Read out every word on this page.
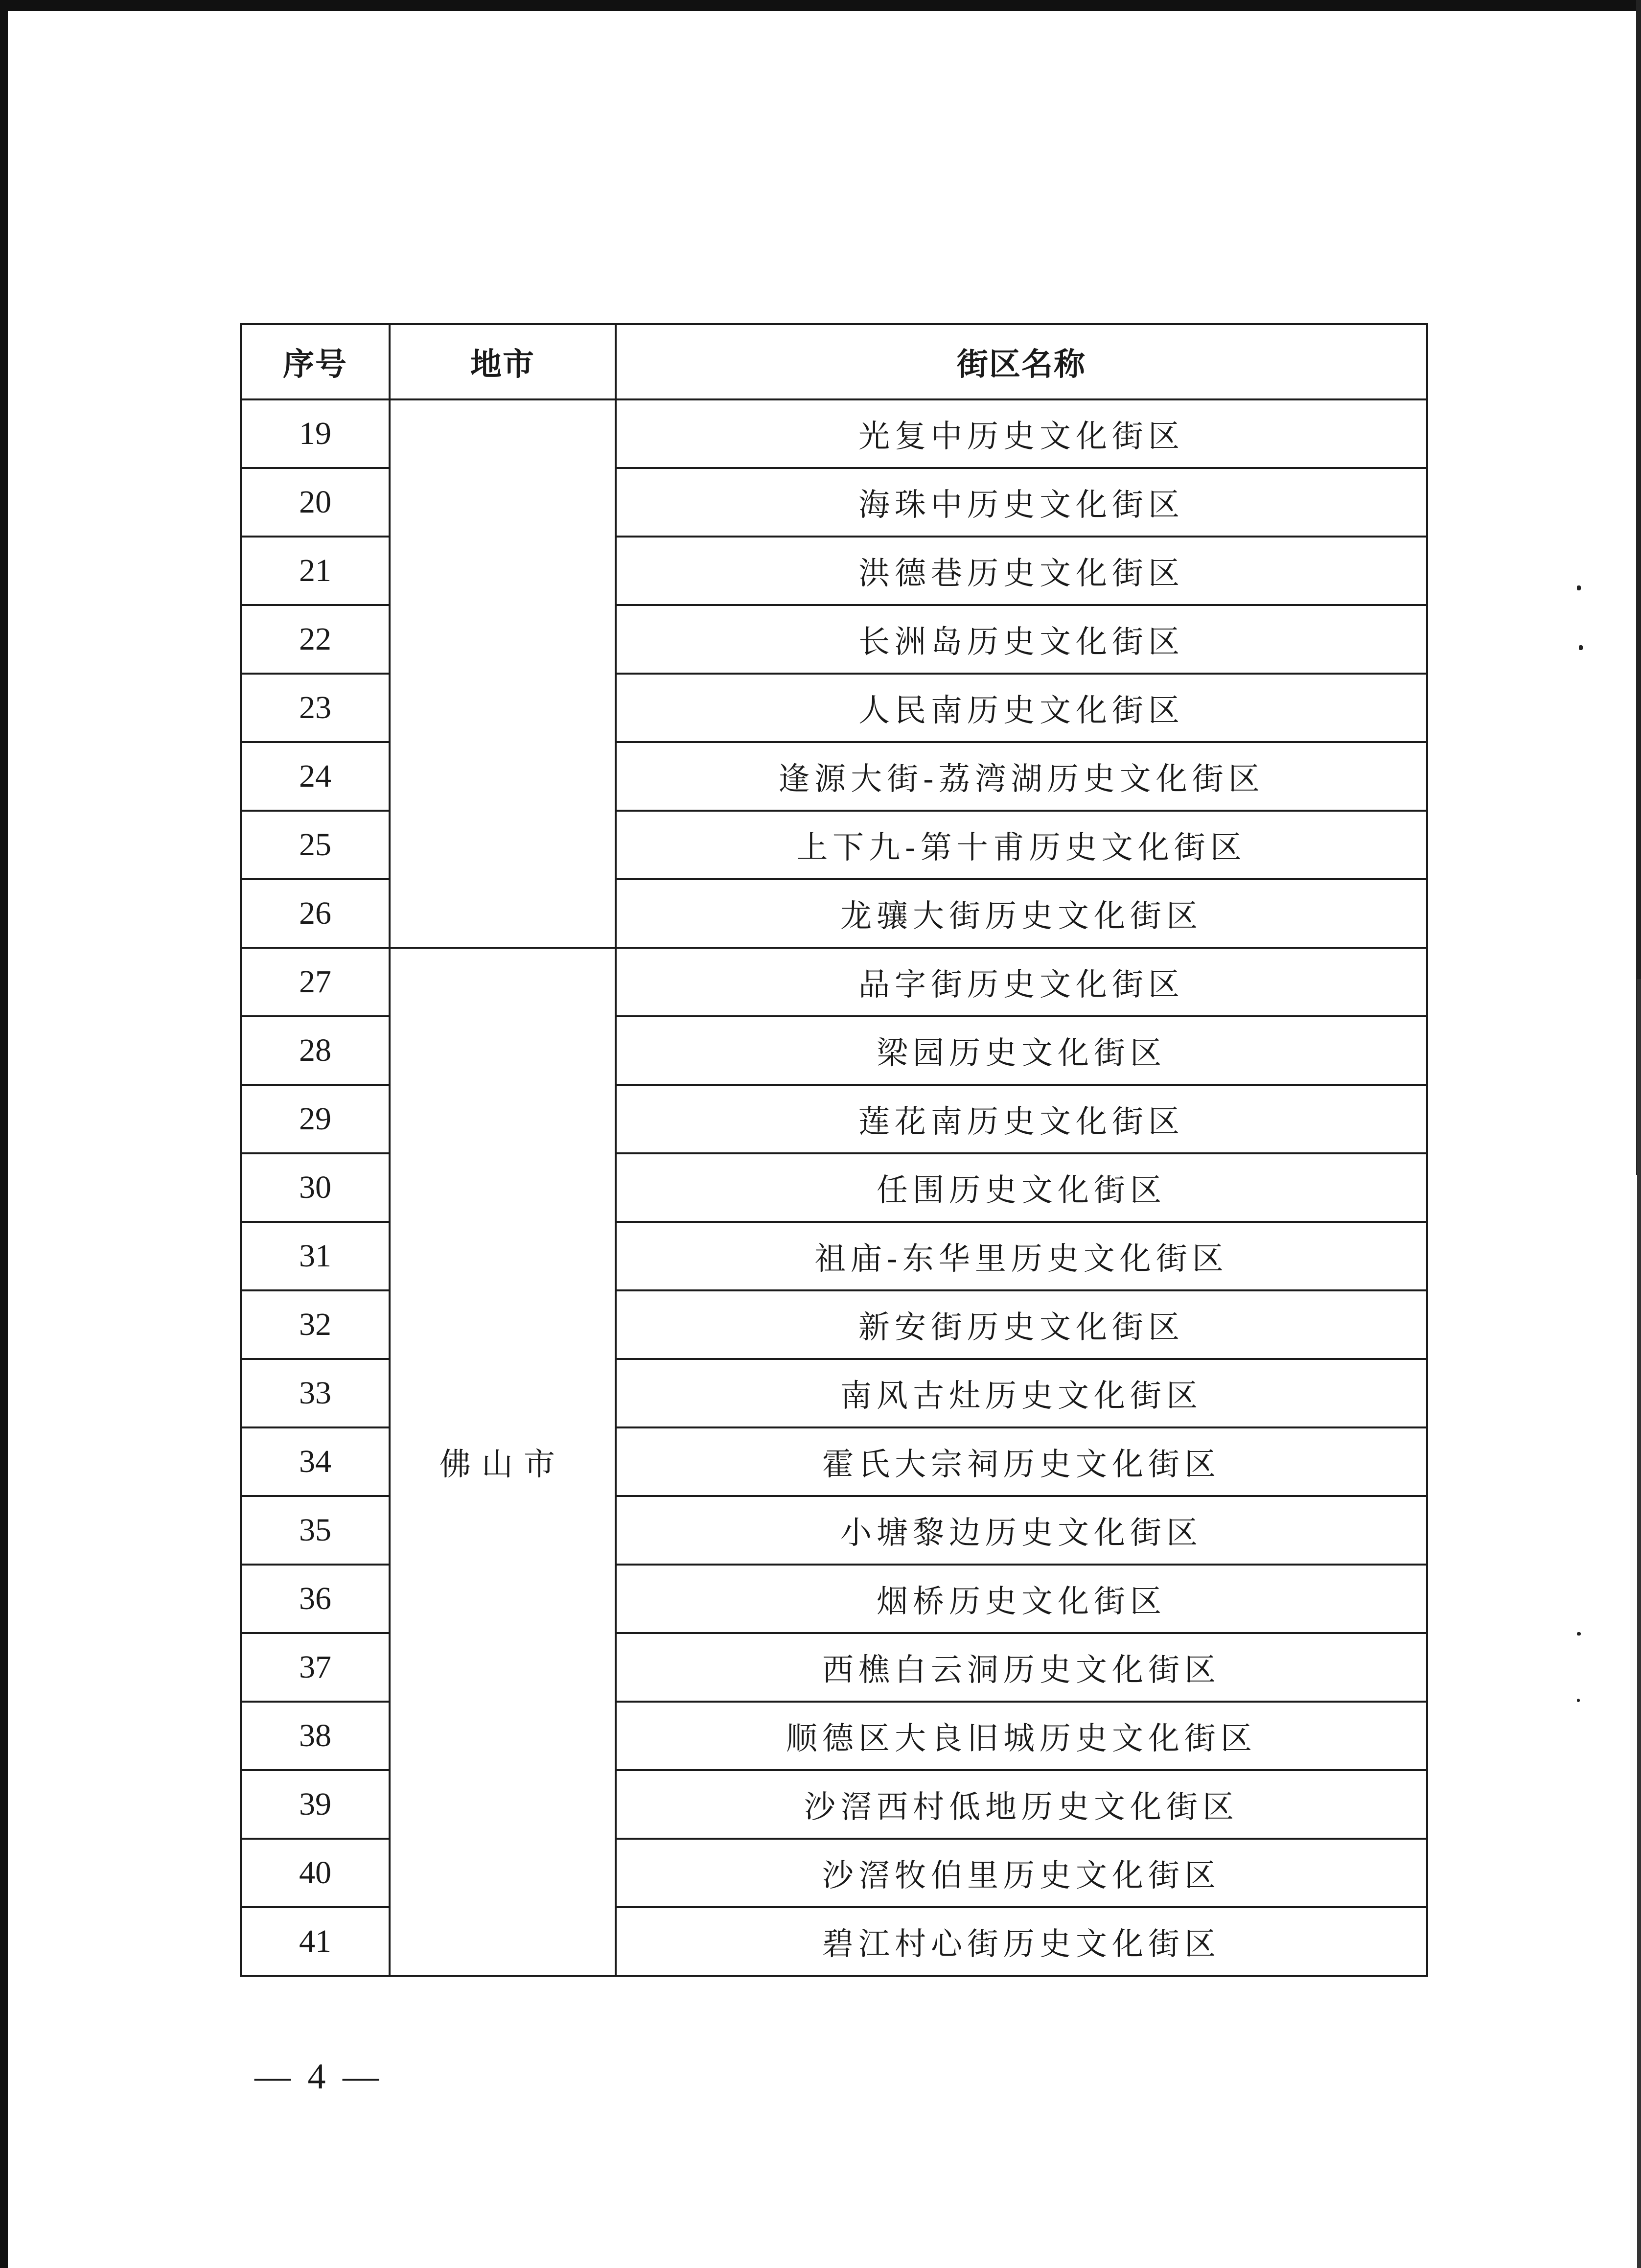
序号	地市	街区名称
19		光复中历史文化街区
20		海珠中历史文化街区
21		洪德巷历史文化街区
22		长洲岛历史文化街区
23		人民南历史文化街区
24		逢源大街-荔湾湖历史文化街区
25		上下九-第十甫历史文化街区
26		龙骧大街历史文化街区
27	佛山市	品字街历史文化街区
28		梁园历史文化街区
29		莲花南历史文化街区
30		任围历史文化街区
31		祖庙-东华里历史文化街区
32		新安街历史文化街区
33		南风古灶历史文化街区
34		霍氏大宗祠历史文化街区
35		小塘黎边历史文化街区
36		烟桥历史文化街区
37		西樵白云洞历史文化街区
38		顺德区大良旧城历史文化街区
39		沙滘西村低地历史文化街区
40		沙滘牧伯里历史文化街区
41		碧江村心街历史文化街区
— 4 —
